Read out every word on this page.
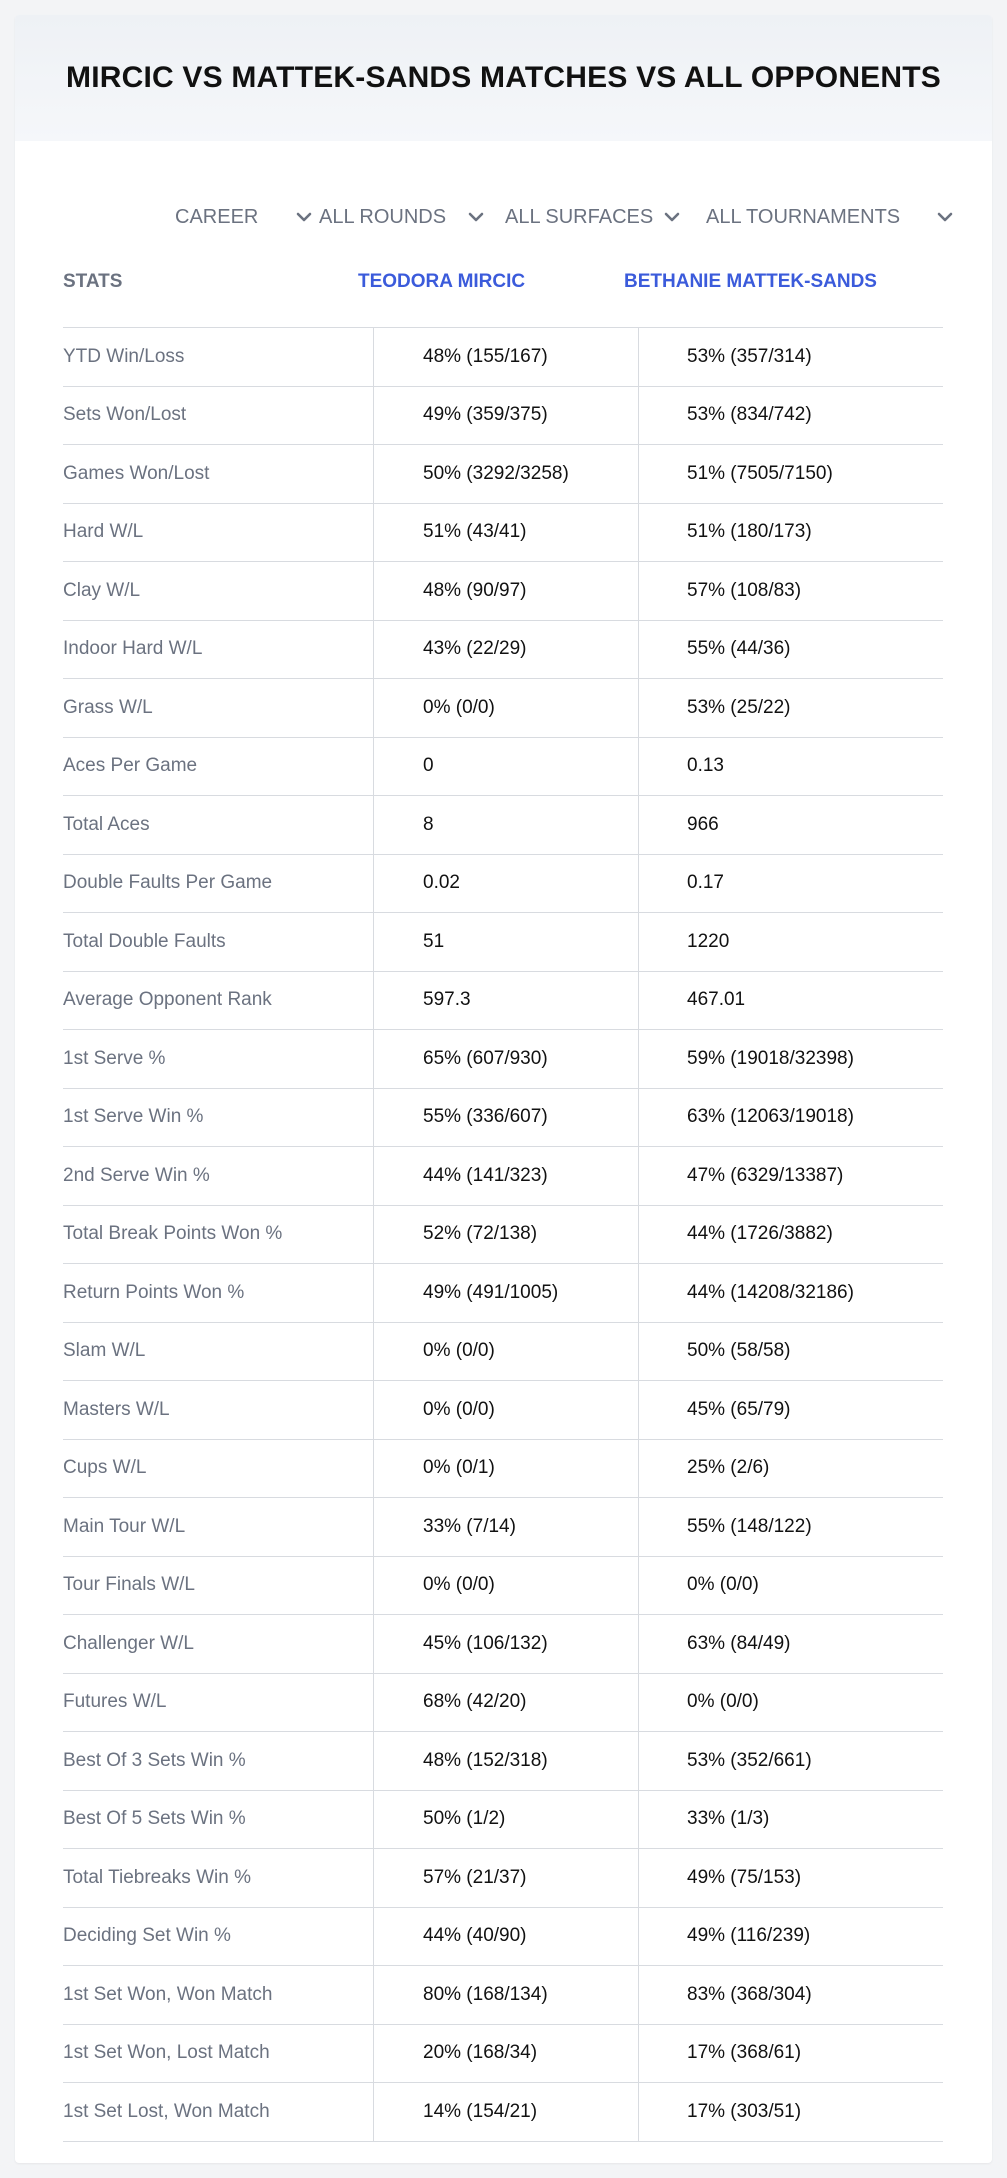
MIRCIC VS MATTEK-SANDS MATCHES VS ALL OPPONENTS
CAREER	ALL ROUNDS	ALL SURFACES	ALL TOURNAMENTS
STATS	TEODORA MIRCIC	BETHANIE MATTEK-SANDS
YTD Win/Loss	48% (155/167)	53% (357/314)
Sets Won/Lost	49% (359/375)	53% (834/742)
Games Won/Lost	50% (3292/3258)	51% (7505/7150)
Hard W/L	51% (43/41)	51% (180/173)
Clay W/L	48% (90/97)	57% (108/83)
Indoor Hard W/L	43% (22/29)	55% (44/36)
Grass W/L	0% (0/0)	53% (25/22)
Aces Per Game	0	0.13
Total Aces	8	966
Double Faults Per Game	0.02	0.17
Total Double Faults	51	1220
Average Opponent Rank	597.3	467.01
1st Serve %	65% (607/930)	59% (19018/32398)
1st Serve Win %	55% (336/607)	63% (12063/19018)
2nd Serve Win %	44% (141/323)	47% (6329/13387)
Total Break Points Won %	52% (72/138)	44% (1726/3882)
Return Points Won %	49% (491/1005)	44% (14208/32186)
Slam W/L	0% (0/0)	50% (58/58)
Masters W/L	0% (0/0)	45% (65/79)
Cups W/L	0% (0/1)	25% (2/6)
Main Tour W/L	33% (7/14)	55% (148/122)
Tour Finals W/L	0% (0/0)	0% (0/0)
Challenger W/L	45% (106/132)	63% (84/49)
Futures W/L	68% (42/20)	0% (0/0)
Best Of 3 Sets Win %	48% (152/318)	53% (352/661)
Best Of 5 Sets Win %	50% (1/2)	33% (1/3)
Total Tiebreaks Win %	57% (21/37)	49% (75/153)
Deciding Set Win %	44% (40/90)	49% (116/239)
1st Set Won, Won Match	80% (168/134)	83% (368/304)
1st Set Won, Lost Match	20% (168/34)	17% (368/61)
1st Set Lost, Won Match	14% (154/21)	17% (303/51)
